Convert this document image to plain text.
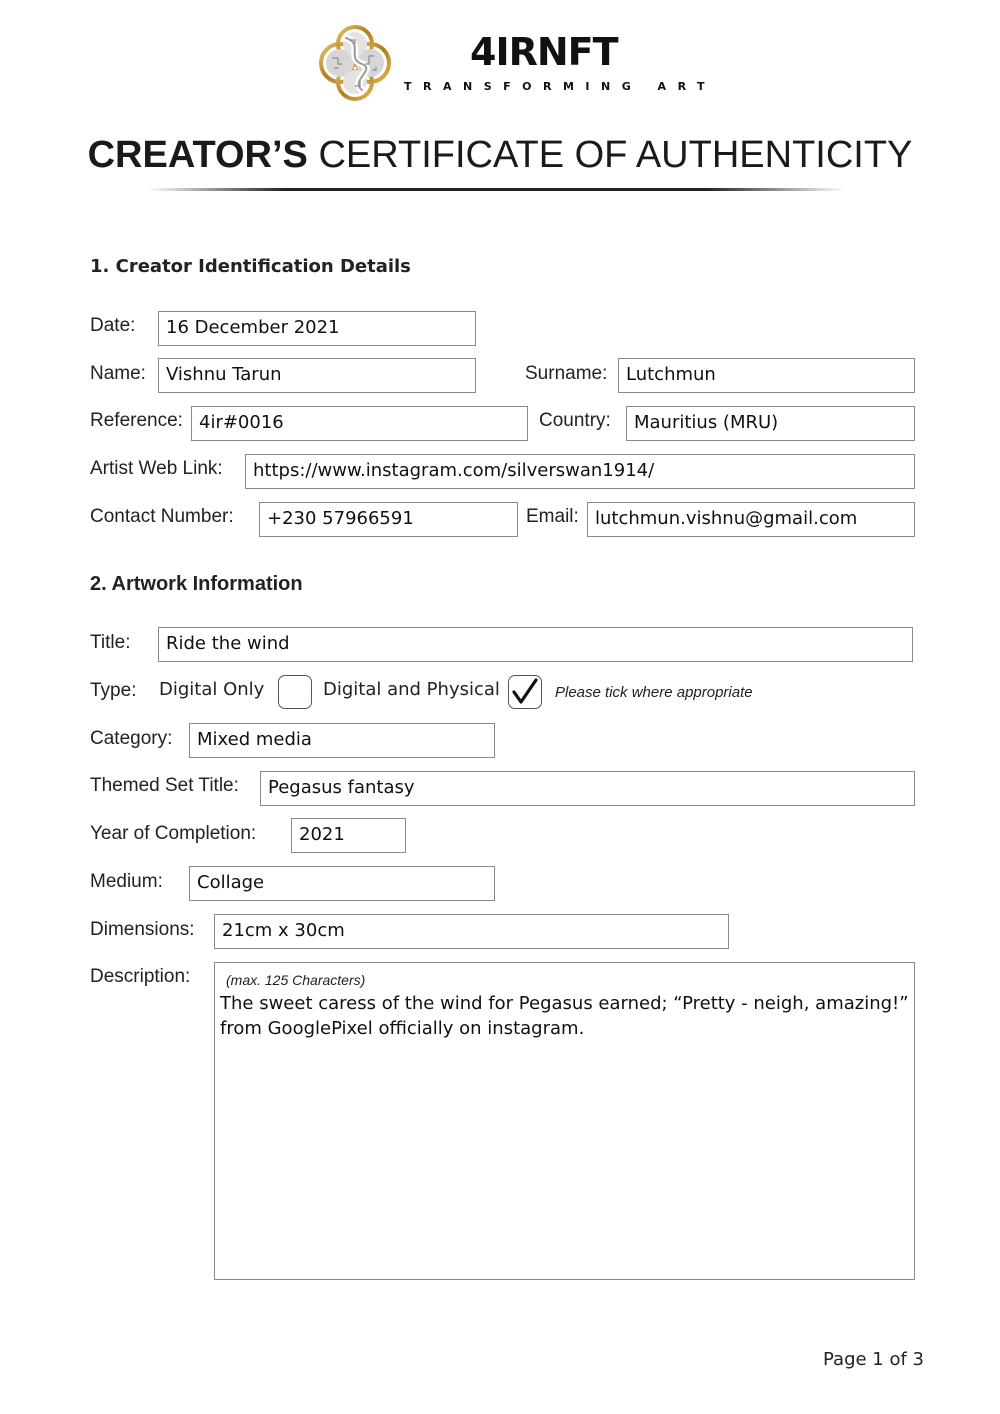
4IRNFT
TRANSFORMING ART
CREATOR’S CERTIFICATE OF AUTHENTICITY
1. Creator Identification Details
Date:	16 December 2021
Name:	Vishnu Tarun	Surname:	Lutchmun
Reference: 4ir#0016	Country:	Mauritius (MRU)
Artist Web Link:	https://www.instagram.com/silverswan1914/
Contact Number:	+230 57966591	Email: lutchmun.vishnu@gmail.com
2. Artwork Information
Title:	Ride the wind
Type: Digital Only	Digital and Physical	Please tick where appropriate
Category:	Mixed media
Themed Set Title:	Pegasus fantasy
Year of Completion:	2021
Medium:	Collage
Dimensions:	21cm x 30cm
Description:	(max. 125 Characters)
The sweet caress of the wind for Pegasus earned; “Pretty - neigh, amazing!” from GooglePixel officially on instagram.
Page 1 of 3
